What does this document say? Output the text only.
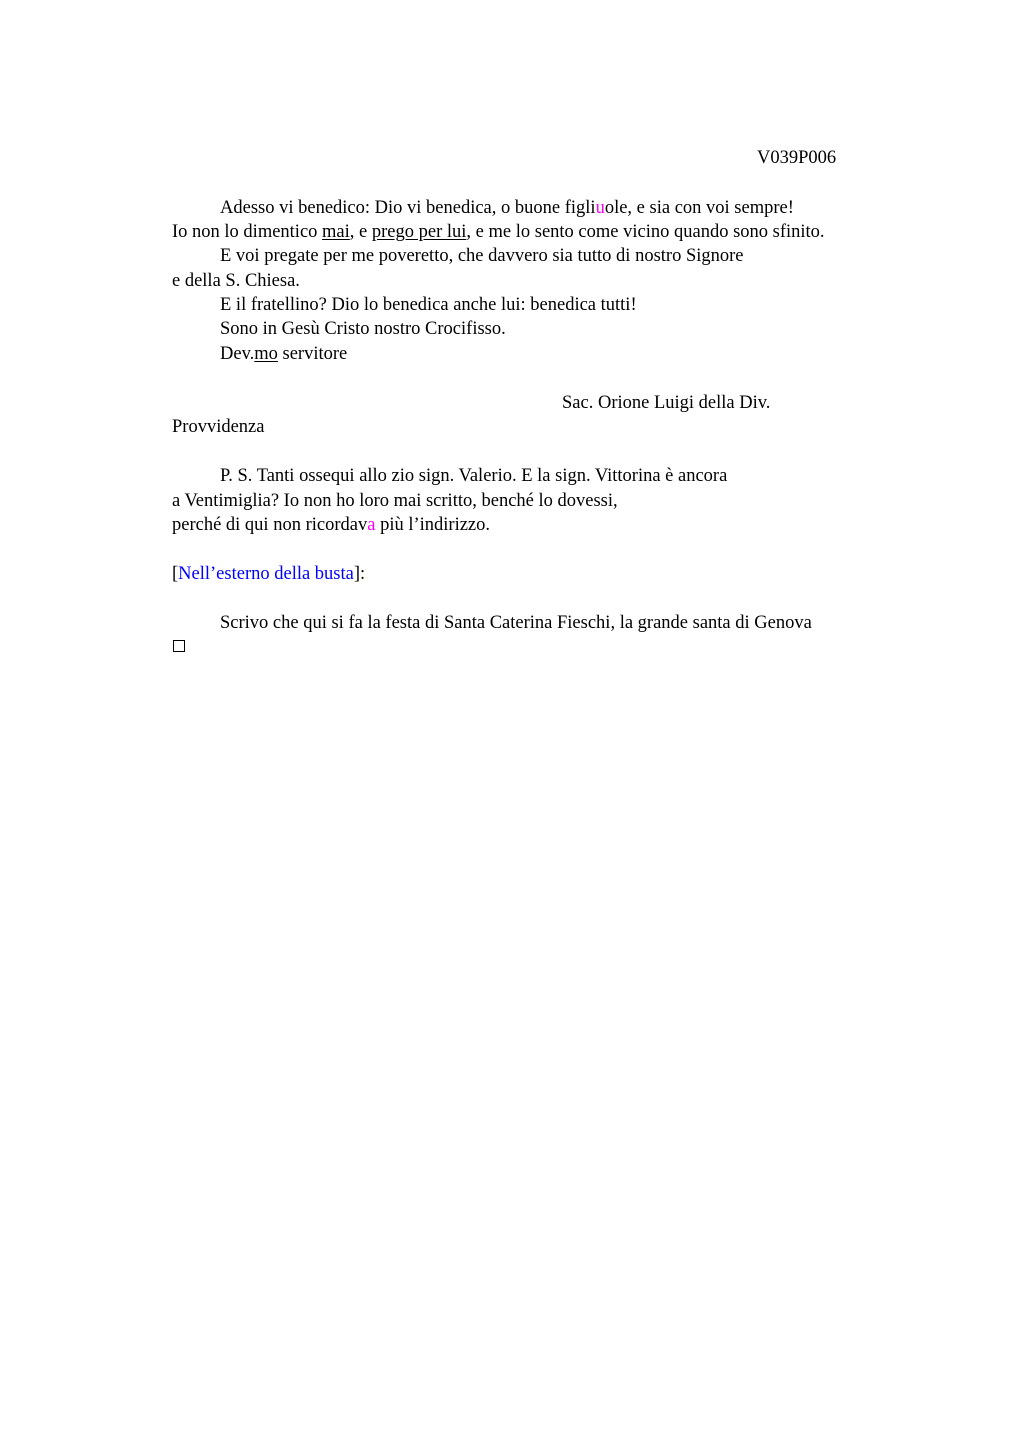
V039P006
Adesso vi benedico: Dio vi benedica, o buone figliuole, e sia con voi sempre!
Io non lo dimentico mai, e prego per lui, e me lo sento come vicino quando sono sfinito.
E voi pregate per me poveretto, che davvero sia tutto di nostro Signore
e della S. Chiesa.
E il fratellino? Dio lo benedica anche lui: benedica tutti!
Sono in Gesù Cristo nostro Crocifisso.
Dev.mo servitore
Sac. Orione Luigi della Div.
Provvidenza
P. S. Tanti ossequi allo zio sign. Valerio. E la sign. Vittorina è ancora
a Ventimiglia? Io non ho loro mai scritto, benché lo dovessi,
perché di qui non ricordava più l’indirizzo.
[Nell’esterno della busta]:
Scrivo che qui si fa la festa di Santa Caterina Fieschi, la grande santa di Genova
